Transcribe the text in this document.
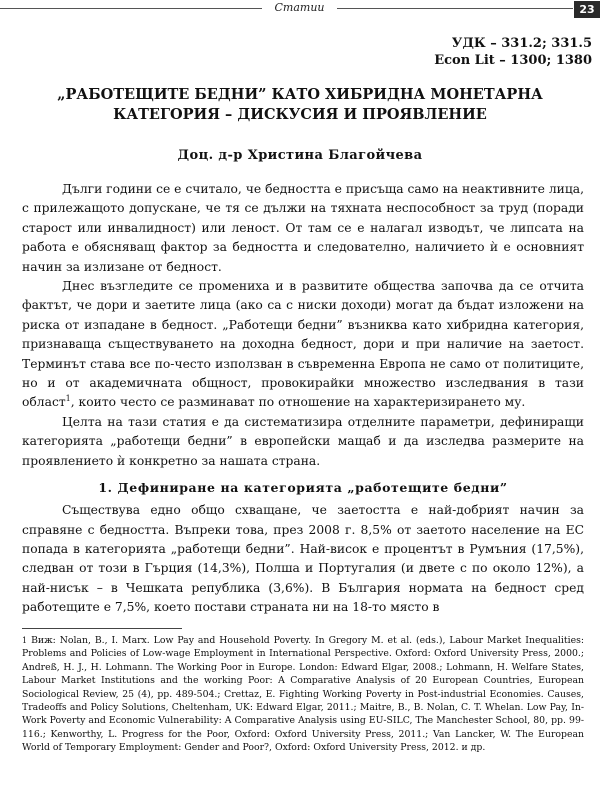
Статии	23
УДК – 331.2; 331.5
Econ Lit – 1300; 1380
„РАБОТЕЩИТЕ БЕДНИ” КАТО ХИБРИДНА МОНЕТАРНА КАТЕГОРИЯ – ДИСКУСИЯ И ПРОЯВЛЕНИЕ
Доц. д-р Христина Благойчева

Дълги години се е считало, че бедността е присъща само на неактивните лица, с прилежащото допускане, че тя се дължи на тяхната неспособност за труд (поради старост или инвалидност) или леност. От там се е налагал изводът, че липсата на работа е обясняващ фактор за бедността и следователно, наличието ѝ е основният начин за излизане от бедност.

Днес възгледите се промениха и в развитите общества започва да се отчита фактът, че дори и заетите лица (ако са с ниски доходи) могат да бъдат изложени на риска от изпадане в бедност. „Работещи бедни” възниква като хибридна категория, признаваща съществуването на доходна бедност, дори и при наличие на заетост. Терминът става все по-често използван в съвременна Европа не само от политиците, но и от академичната общност, провокирайки множество изследвания в тази област$^1$, които често се разминават по отношение на характеризирането му.

Целта на тази статия е да систематизира отделните параметри, дефиниращи категорията „работещи бедни” в европейски мащаб и да изследва размерите на проявлението ѝ конкретно за нашата страна.

1. Дефиниране на категорията „работещите бедни”

Съществува едно общо схващане, че заетостта е най-добрият начин за справяне с бедността. Въпреки това, през 2008 г. 8,5% от заетото население на ЕС попада в категорията „работещи бедни”. Най-висок е процентът в Румъния (17,5%), следван от този в Гърция (14,3%), Полша и Португалия (и двете с по около 12%), а най-нисък – в Чешката република (3,6%). В България нормата на бедност сред работещите е 7,5%, което постави страната ни на 18-то място в

1 Виж: Nolan, B., I. Marx. Low Pay and Household Poverty. In Gregory M. et al. (eds.), Labour Market Inequalities: Problems and Policies of Low-wage Employment in International Perspective. Oxford: Oxford University Press, 2000.; Andreß, H. J., H. Lohmann. The Working Poor in Europe. London: Edward Elgar, 2008.; Lohmann, H. Welfare States, Labour Market Institutions and the working Poor: A Comparative Analysis of 20 European Countries, European Sociological Review, 25 (4), pp. 489-504.; Crettaz, E. Fighting Working Poverty in Post-industrial Economies. Causes, Tradeoffs and Policy Solutions, Cheltenham, UK: Edward Elgar, 2011.; Maitre, B., B. Nolan, C. T. Whelan. Low Pay, In-Work Poverty and Economic Vulnerability: A Comparative Analysis using EU-SILC, The Manchester School, 80, pp. 99-116.; Kenworthy, L. Progress for the Poor, Oxford: Oxford University Press, 2011.; Van Lancker, W. The European World of Temporary Employment: Gender and Poor?, Oxford: Oxford University Press, 2012. и др.
